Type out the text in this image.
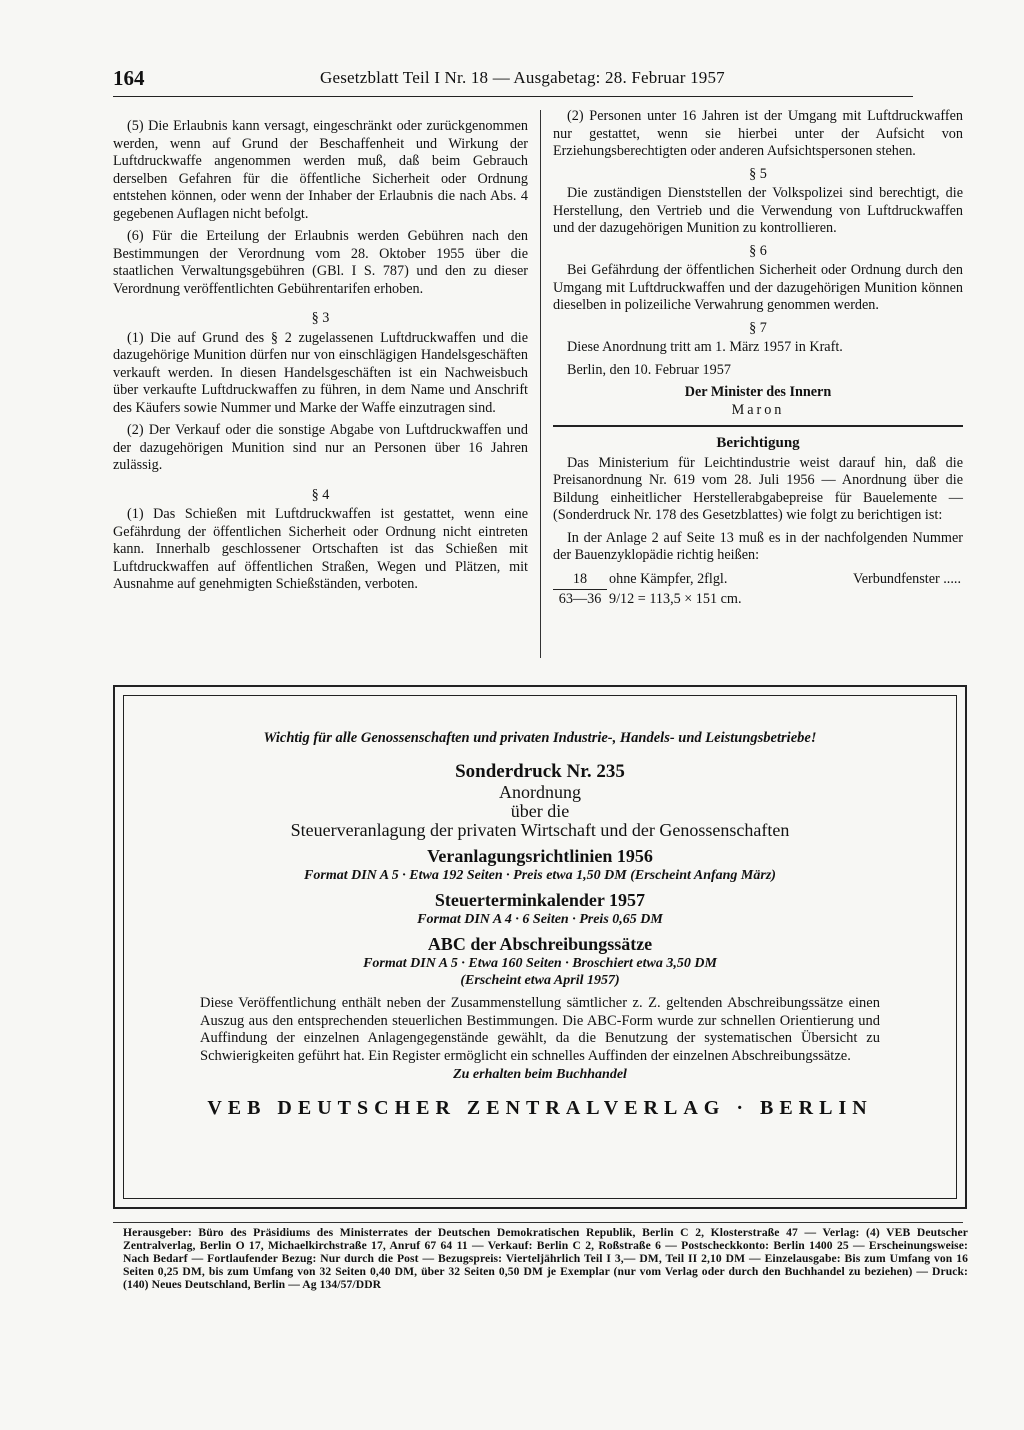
164	Gesetzblatt Teil I Nr. 18 — Ausgabetag: 28. Februar 1957

(5) Die Erlaubnis kann versagt, eingeschränkt oder zurückgenommen werden, wenn auf Grund der Beschaffenheit und Wirkung der Luftdruckwaffe angenommen werden muß, daß beim Gebrauch derselben Gefahren für die öffentliche Sicherheit oder Ordnung entstehen können, oder wenn der Inhaber der Erlaubnis die nach Abs. 4 gegebenen Auflagen nicht befolgt.

(6) Für die Erteilung der Erlaubnis werden Gebühren nach den Bestimmungen der Verordnung vom 28. Oktober 1955 über die staatlichen Verwaltungsgebühren (GBl. I S. 787) und den zu dieser Verordnung veröffentlichten Gebührentarifen erhoben.

§ 3

(1) Die auf Grund des § 2 zugelassenen Luftdruckwaffen und die dazugehörige Munition dürfen nur von einschlägigen Handelsgeschäften verkauft werden. In diesen Handelsgeschäften ist ein Nachweisbuch über verkaufte Luftdruckwaffen zu führen, in dem Name und Anschrift des Käufers sowie Nummer und Marke der Waffe einzutragen sind.

(2) Der Verkauf oder die sonstige Abgabe von Luftdruckwaffen und der dazugehörigen Munition sind nur an Personen über 16 Jahren zulässig.

§ 4

(1) Das Schießen mit Luftdruckwaffen ist gestattet, wenn eine Gefährdung der öffentlichen Sicherheit oder Ordnung nicht eintreten kann. Innerhalb geschlossener Ortschaften ist das Schießen mit Luftdruckwaffen auf öffentlichen Straßen, Wegen und Plätzen, mit Ausnahme auf genehmigten Schießständen, verboten.

(2) Personen unter 16 Jahren ist der Umgang mit Luftdruckwaffen nur gestattet, wenn sie hierbei unter der Aufsicht von Erziehungsberechtigten oder anderen Aufsichtspersonen stehen.

§ 5

Die zuständigen Dienststellen der Volkspolizei sind berechtigt, die Herstellung, den Vertrieb und die Verwendung von Luftdruckwaffen und der dazugehörigen Munition zu kontrollieren.

§ 6

Bei Gefährdung der öffentlichen Sicherheit oder Ordnung durch den Umgang mit Luftdruckwaffen und der dazugehörigen Munition können dieselben in polizeiliche Verwahrung genommen werden.

§ 7

Diese Anordnung tritt am 1. März 1957 in Kraft.

Berlin, den 10. Februar 1957

Der Minister des Innern
Maron
Berichtigung

Das Ministerium für Leichtindustrie weist darauf hin, daß die Preisanordnung Nr. 619 vom 28. Juli 1956 — Anordnung über die Bildung einheitlicher Herstellerabgabepreise für Bauelemente — (Sonderdruck Nr. 178 des Gesetzblattes) wie folgt zu berichtigen ist:

In der Anlage 2 auf Seite 13 muß es in der nachfolgenden Nummer der Bauenzyklopädie richtig heißen:

18	ohne Kämpfer, 2flgl.	Verbundfenster .....
63—36	9/12 = 113,5 × 151 cm.	
Wichtig für alle Genossenschaften und privaten Industrie-, Handels- und Leistungsbetriebe!
Sonderdruck Nr. 235
Anordnung
über die
Steuerveranlagung der privaten Wirtschaft und der Genossenschaften
Veranlagungsrichtlinien 1956
Format DIN A 5 · Etwa 192 Seiten · Preis etwa 1,50 DM (Erscheint Anfang März)
Steuerterminkalender 1957
Format DIN A 4 · 6 Seiten · Preis 0,65 DM
ABC der Abschreibungssätze
Format DIN A 5 · Etwa 160 Seiten · Broschiert etwa 3,50 DM
(Erscheint etwa April 1957)
Diese Veröffentlichung enthält neben der Zusammenstellung sämtlicher z. Z. geltenden Abschreibungssätze einen Auszug aus den entsprechenden steuerlichen Bestimmungen. Die ABC-Form wurde zur schnellen Orientierung und Auffindung der einzelnen Anlagengegenstände gewählt, da die Benutzung der systematischen Übersicht zu Schwierigkeiten geführt hat. Ein Register ermöglicht ein schnelles Auffinden der einzelnen Abschreibungssätze.
Zu erhalten beim Buchhandel
VEB DEUTSCHER ZENTRALVERLAG · BERLIN
Herausgeber: Büro des Präsidiums des Ministerrates der Deutschen Demokratischen Republik, Berlin C 2, Klosterstraße 47 — Verlag: (4) VEB Deutscher Zentralverlag, Berlin O 17, Michaelkirchstraße 17, Anruf 67 64 11 — Verkauf: Berlin C 2, Roßstraße 6 — Postscheckkonto: Berlin 1400 25 — Erscheinungsweise: Nach Bedarf — Fortlaufender Bezug: Nur durch die Post — Bezugspreis: Vierteljährlich Teil I 3,— DM, Teil II 2,10 DM — Einzelausgabe: Bis zum Umfang von 16 Seiten 0,25 DM, bis zum Umfang von 32 Seiten 0,40 DM, über 32 Seiten 0,50 DM je Exemplar (nur vom Verlag oder durch den Buchhandel zu beziehen) — Druck: (140) Neues Deutschland, Berlin — Ag 134/57/DDR
